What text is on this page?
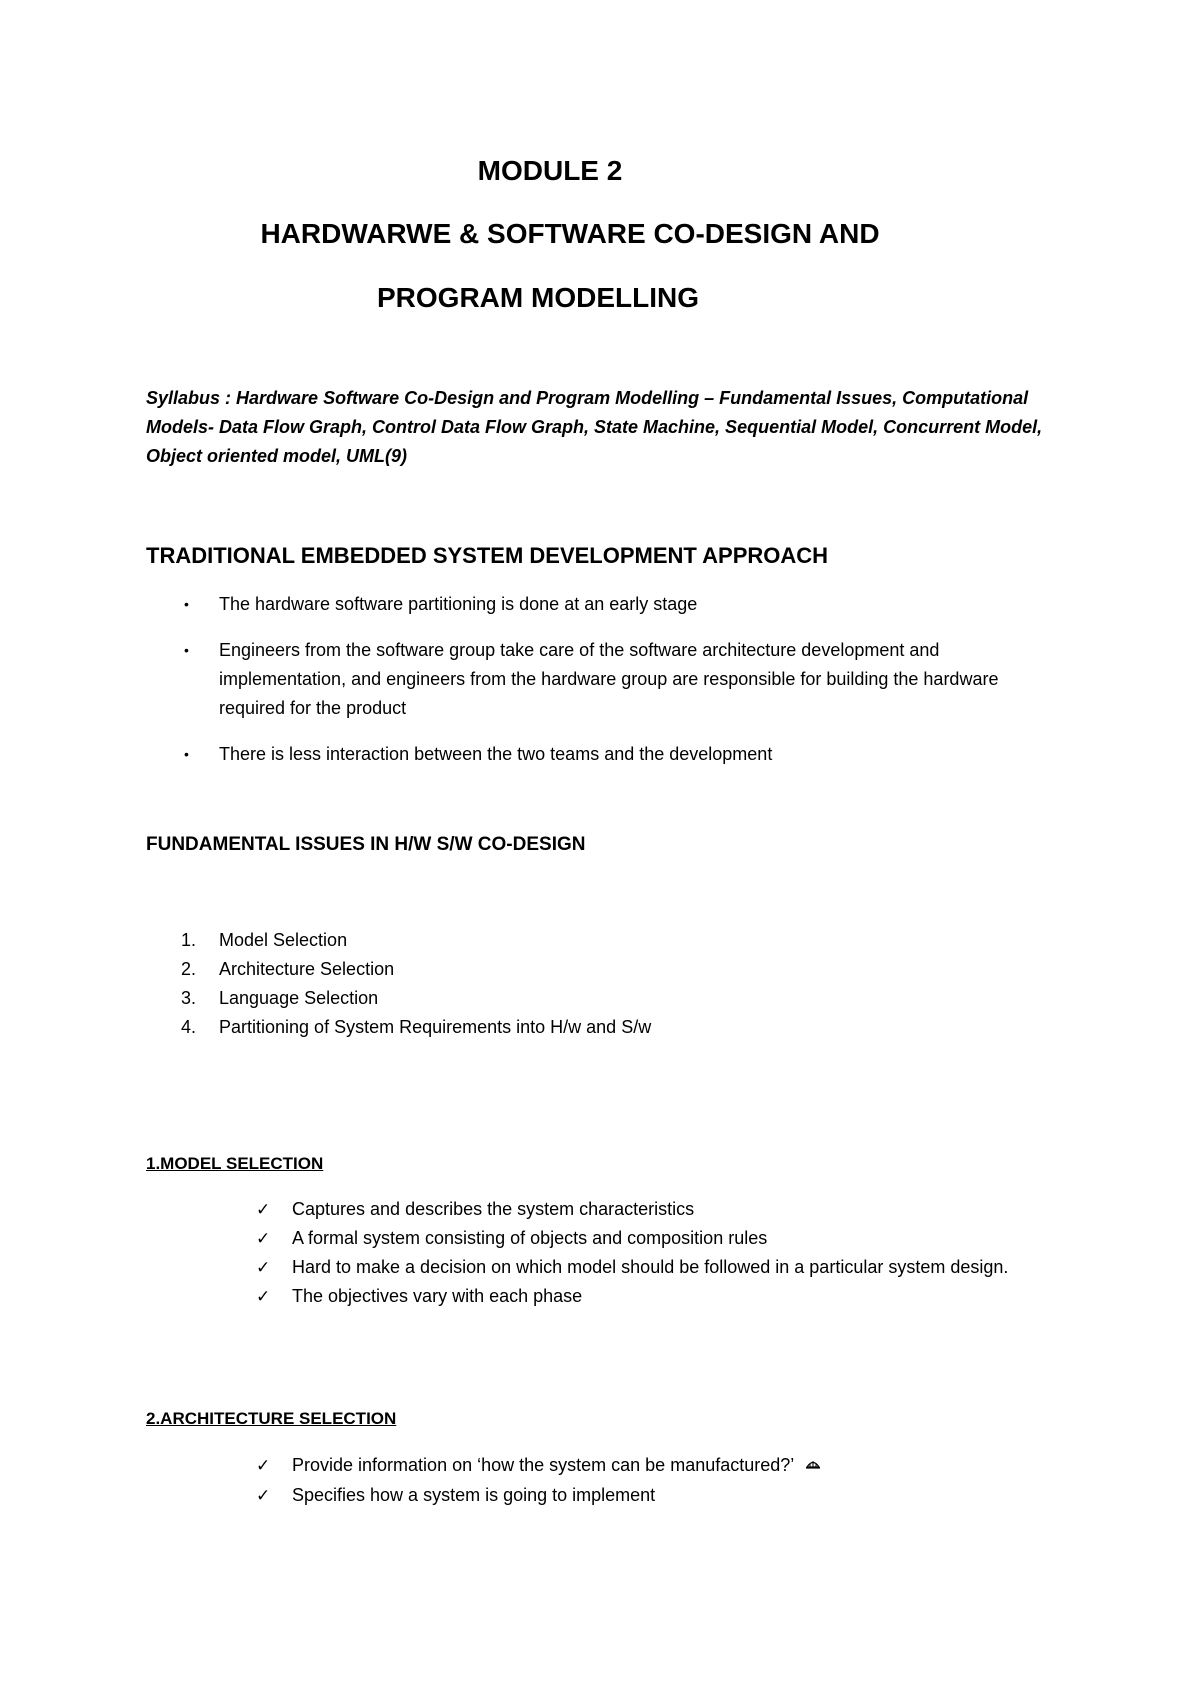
MODULE 2
HARDWARWE & SOFTWARE CO-DESIGN AND
PROGRAM MODELLING

Syllabus : Hardware Software Co-Design and Program Modelling – Fundamental Issues, Computational Models- Data Flow Graph, Control Data Flow Graph, State Machine, Sequential Model, Concurrent Model, Object oriented model, UML(9)

TRADITIONAL EMBEDDED SYSTEM DEVELOPMENT APPROACH
• The hardware software partitioning is done at an early stage
• Engineers from the software group take care of the software architecture development and implementation, and engineers from the hardware group are responsible for building the hardware required for the product
• There is less interaction between the two teams and the development
FUNDAMENTAL ISSUES IN H/W S/W CO-DESIGN
1. Model Selection
2. Architecture Selection
3. Language Selection
4. Partitioning of System Requirements into H/w and S/w
1.MODEL SELECTION
✓ Captures and describes the system characteristics
✓ A formal system consisting of objects and composition rules
✓ Hard to make a decision on which model should be followed in a particular system design.
✓ The objectives vary with each phase
2.ARCHITECTURE SELECTION
✓ Provide information on ‘how the system can be manufactured?’
✓ Specifies how a system is going to implement
